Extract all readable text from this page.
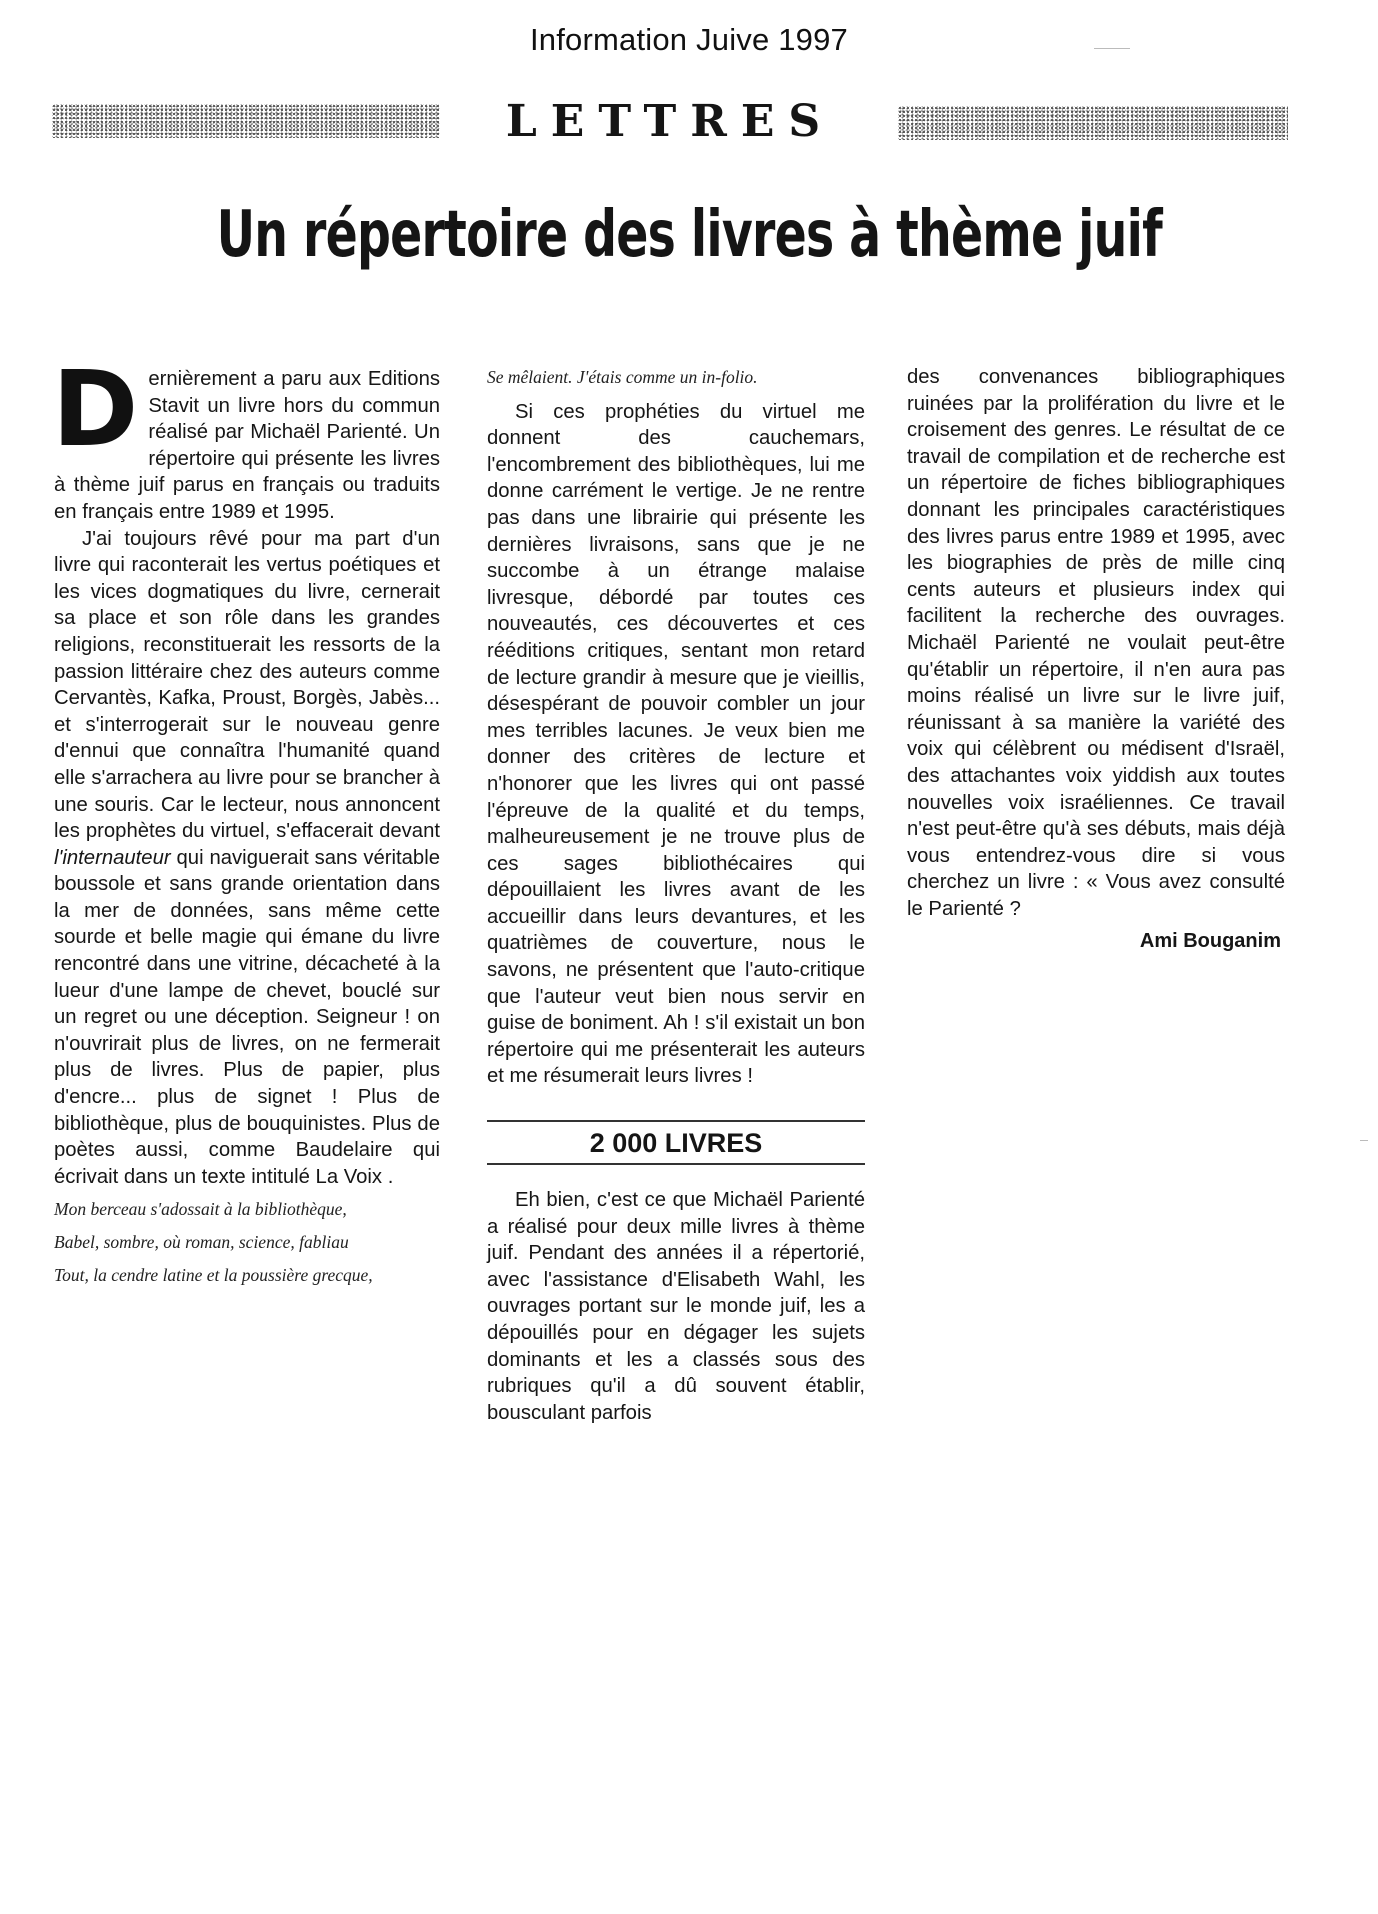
Information Juive 1997
LETTRES
Un répertoire des livres à thème juif

Dernièrement a paru aux Editions Stavit un livre hors du commun réalisé par Michaël Parienté. Un répertoire qui présente les livres à thème juif parus en français ou traduits en français entre 1989 et 1995.

J'ai toujours rêvé pour ma part d'un livre qui raconterait les vertus poétiques et les vices dogmatiques du livre, cernerait sa place et son rôle dans les grandes religions, reconstituerait les ressorts de la passion littéraire chez des auteurs comme Cervantès, Kafka, Proust, Borgès, Jabès... et s'interrogerait sur le nouveau genre d'ennui que connaîtra l'humanité quand elle s'arrachera au livre pour se brancher à une souris. Car le lecteur, nous annoncent les prophètes du virtuel, s'effacerait devant l'internauteur qui naviguerait sans véritable boussole et sans grande orientation dans la mer de données, sans même cette sourde et belle magie qui émane du livre rencontré dans une vitrine, décacheté à la lueur d'une lampe de chevet, bouclé sur un regret ou une déception. Seigneur ! on n'ouvrirait plus de livres, on ne fermerait plus de livres. Plus de papier, plus d'encre... plus de signet ! Plus de bibliothèque, plus de bouquinistes. Plus de poètes aussi, comme Baudelaire qui écrivait dans un texte intitulé La Voix .

Mon berceau s'adossait à la bibliothèque,
Babel, sombre, où roman, science, fabliau
Tout, la cendre latine et la poussière grecque,
Se mêlaient. J'étais comme un in-folio.

Si ces prophéties du virtuel me donnent des cauchemars, l'encombrement des bibliothèques, lui me donne carrément le vertige. Je ne rentre pas dans une librairie qui présente les dernières livraisons, sans que je ne succombe à un étrange malaise livresque, débordé par toutes ces nouveautés, ces découvertes et ces rééditions critiques, sentant mon retard de lecture grandir à mesure que je vieillis, désespérant de pouvoir combler un jour mes terribles lacunes. Je veux bien me donner des critères de lecture et n'honorer que les livres qui ont passé l'épreuve de la qualité et du temps, malheureusement je ne trouve plus de ces sages bibliothécaires qui dépouillaient les livres avant de les accueillir dans leurs devantures, et les quatrièmes de couverture, nous le savons, ne présentent que l'auto-critique que l'auteur veut bien nous servir en guise de boniment. Ah ! s'il existait un bon répertoire qui me présenterait les auteurs et me résumerait leurs livres !

2 000 LIVRES

Eh bien, c'est ce que Michaël Parienté a réalisé pour deux mille livres à thème juif. Pendant des années il a répertorié, avec l'assistance d'Elisabeth Wahl, les ouvrages portant sur le monde juif, les a dépouillés pour en dégager les sujets dominants et les a classés sous des rubriques qu'il a dû souvent établir, bousculant parfois

des convenances bibliographiques ruinées par la prolifération du livre et le croisement des genres. Le résultat de ce travail de compilation et de recherche est un répertoire de fiches bibliographiques donnant les principales caractéristiques des livres parus entre 1989 et 1995, avec les biographies de près de mille cinq cents auteurs et plusieurs index qui facilitent la recherche des ouvrages. Michaël Parienté ne voulait peut-être qu'établir un répertoire, il n'en aura pas moins réalisé un livre sur le livre juif, réunissant à sa manière la variété des voix qui célèbrent ou médisent d'Israël, des attachantes voix yiddish aux toutes nouvelles voix israéliennes. Ce travail n'est peut-être qu'à ses débuts, mais déjà vous entendrez-vous dire si vous cherchez un livre : « Vous avez consulté le Parienté ?

Ami Bouganim
